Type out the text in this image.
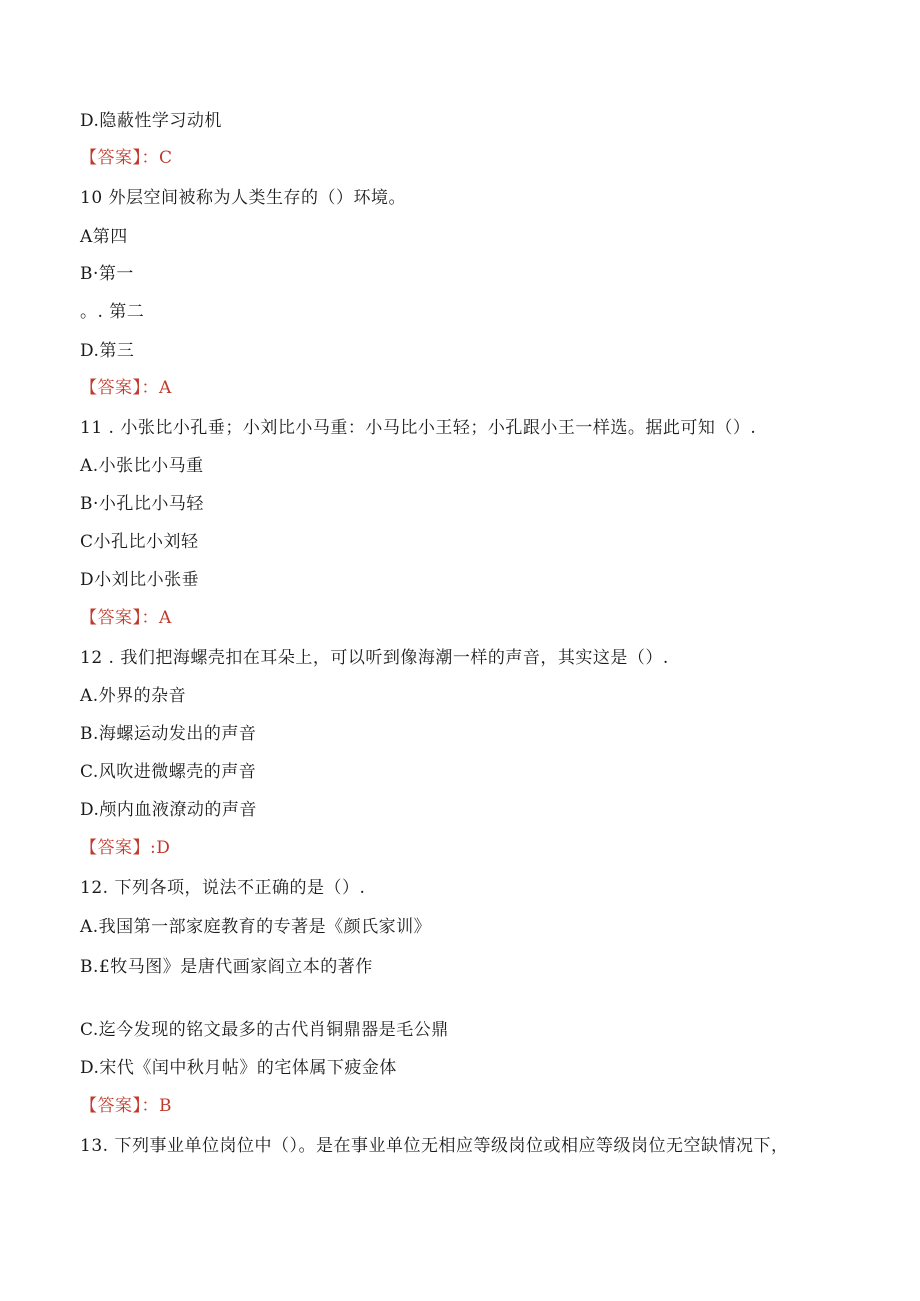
D.隐蔽性学习动机
【答案】：C
10 外层空间被称为人类生存的（）环境。
A第四
B·第一
。. 第二
D.第三
【答案】：A
11 . 小张比小孔垂；小刘比小马重：小马比小王轻；小孔跟小王一样选。据此可知（）.
A.小张比小马重
B·小孔比小马轻
C小孔比小刘轻
D小刘比小张垂
【答案】：A
12 . 我们把海螺壳扣在耳朵上，可以听到像海潮一样的声音，其实这是（）.
A.外界的杂音
B.海螺运动发出的声音
C.风吹进微螺壳的声音
D.颅内血液潦动的声音
【答案】:D
12. 下列各项，说法不正确的是（）.
A.我国第一部家庭教育的专著是《颜氏家训》
B.£牧马图》是唐代画家阎立本的著作
C.迄今发现的铭文最多的古代肖铜鼎器是毛公鼎
D.宋代《闰中秋月帖》的宅体属下疲金体
【答案】：B
13. 下列事业单位岗位中（）。是在事业单位无相应等级岗位或相应等级岗位无空缺情况下，
